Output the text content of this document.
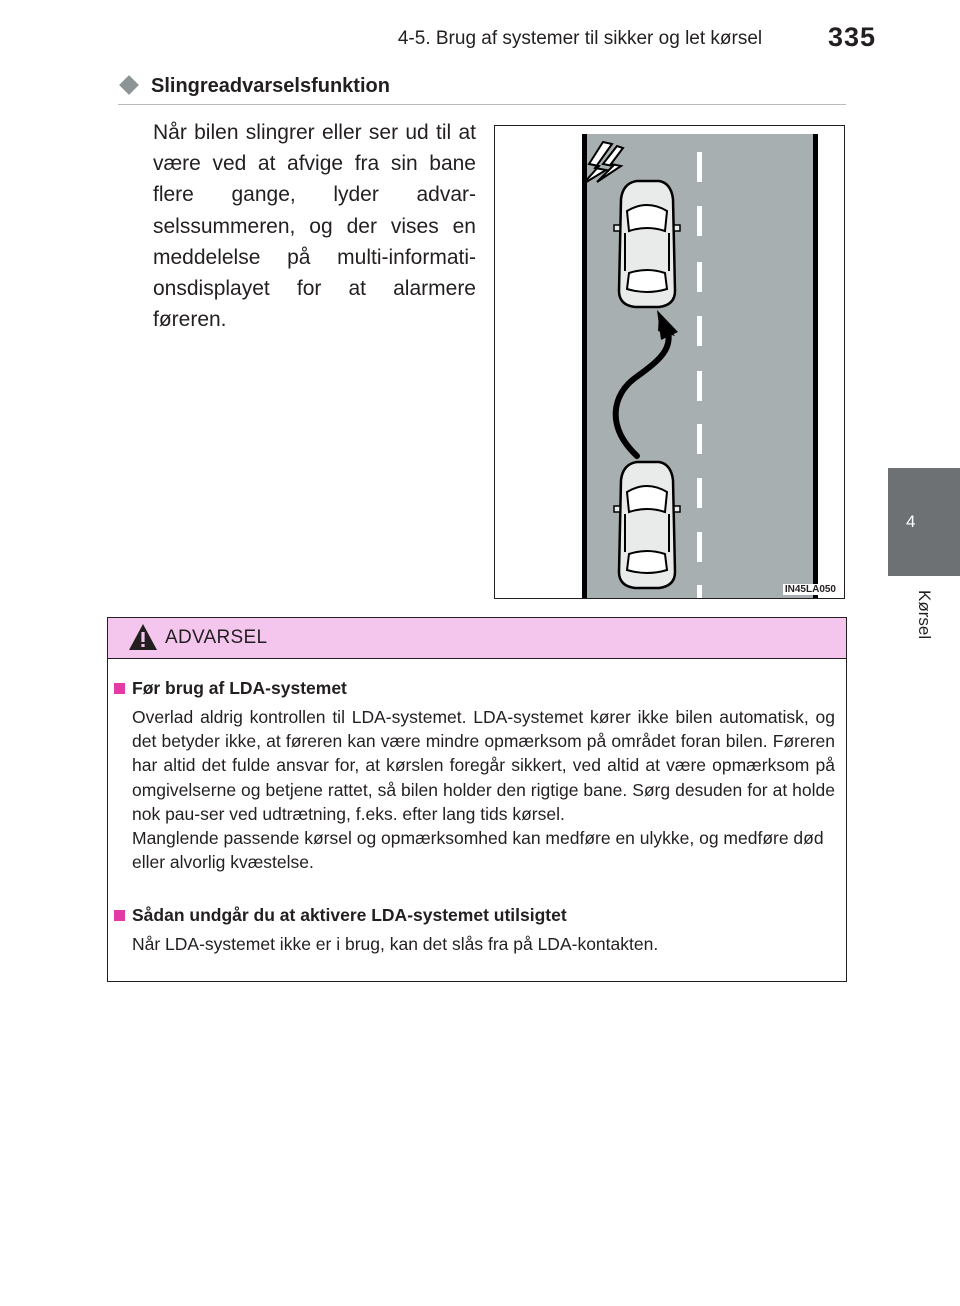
4-5. Brug af systemer til sikker og let kørsel	335
4
Kørsel
Slingreadvarselsfunktion
Når bilen slingrer eller ser ud til at være ved at afvige fra sin bane flere gange, lyder advar-selssummeren, og der vises en meddelelse på multi-informati-onsdisplayet for at alarmere føreren.
IN45LA050
ADVARSEL
Før brug af LDA-systemet
Overlad aldrig kontrollen til LDA-systemet. LDA-systemet kører ikke bilen automatisk, og det betyder ikke, at føreren kan være mindre opmærksom på området foran bilen. Føreren har altid det fulde ansvar for, at kørslen foregår sikkert, ved altid at være opmærksom på omgivelserne og betjene rattet, så bilen holder den rigtige bane. Sørg desuden for at holde nok pau-ser ved udtrætning, f.eks. efter lang tids kørsel.
Manglende passende kørsel og opmærksomhed kan medføre en ulykke, og medføre død eller alvorlig kvæstelse.
Sådan undgår du at aktivere LDA-systemet utilsigtet
Når LDA-systemet ikke er i brug, kan det slås fra på LDA-kontakten.
